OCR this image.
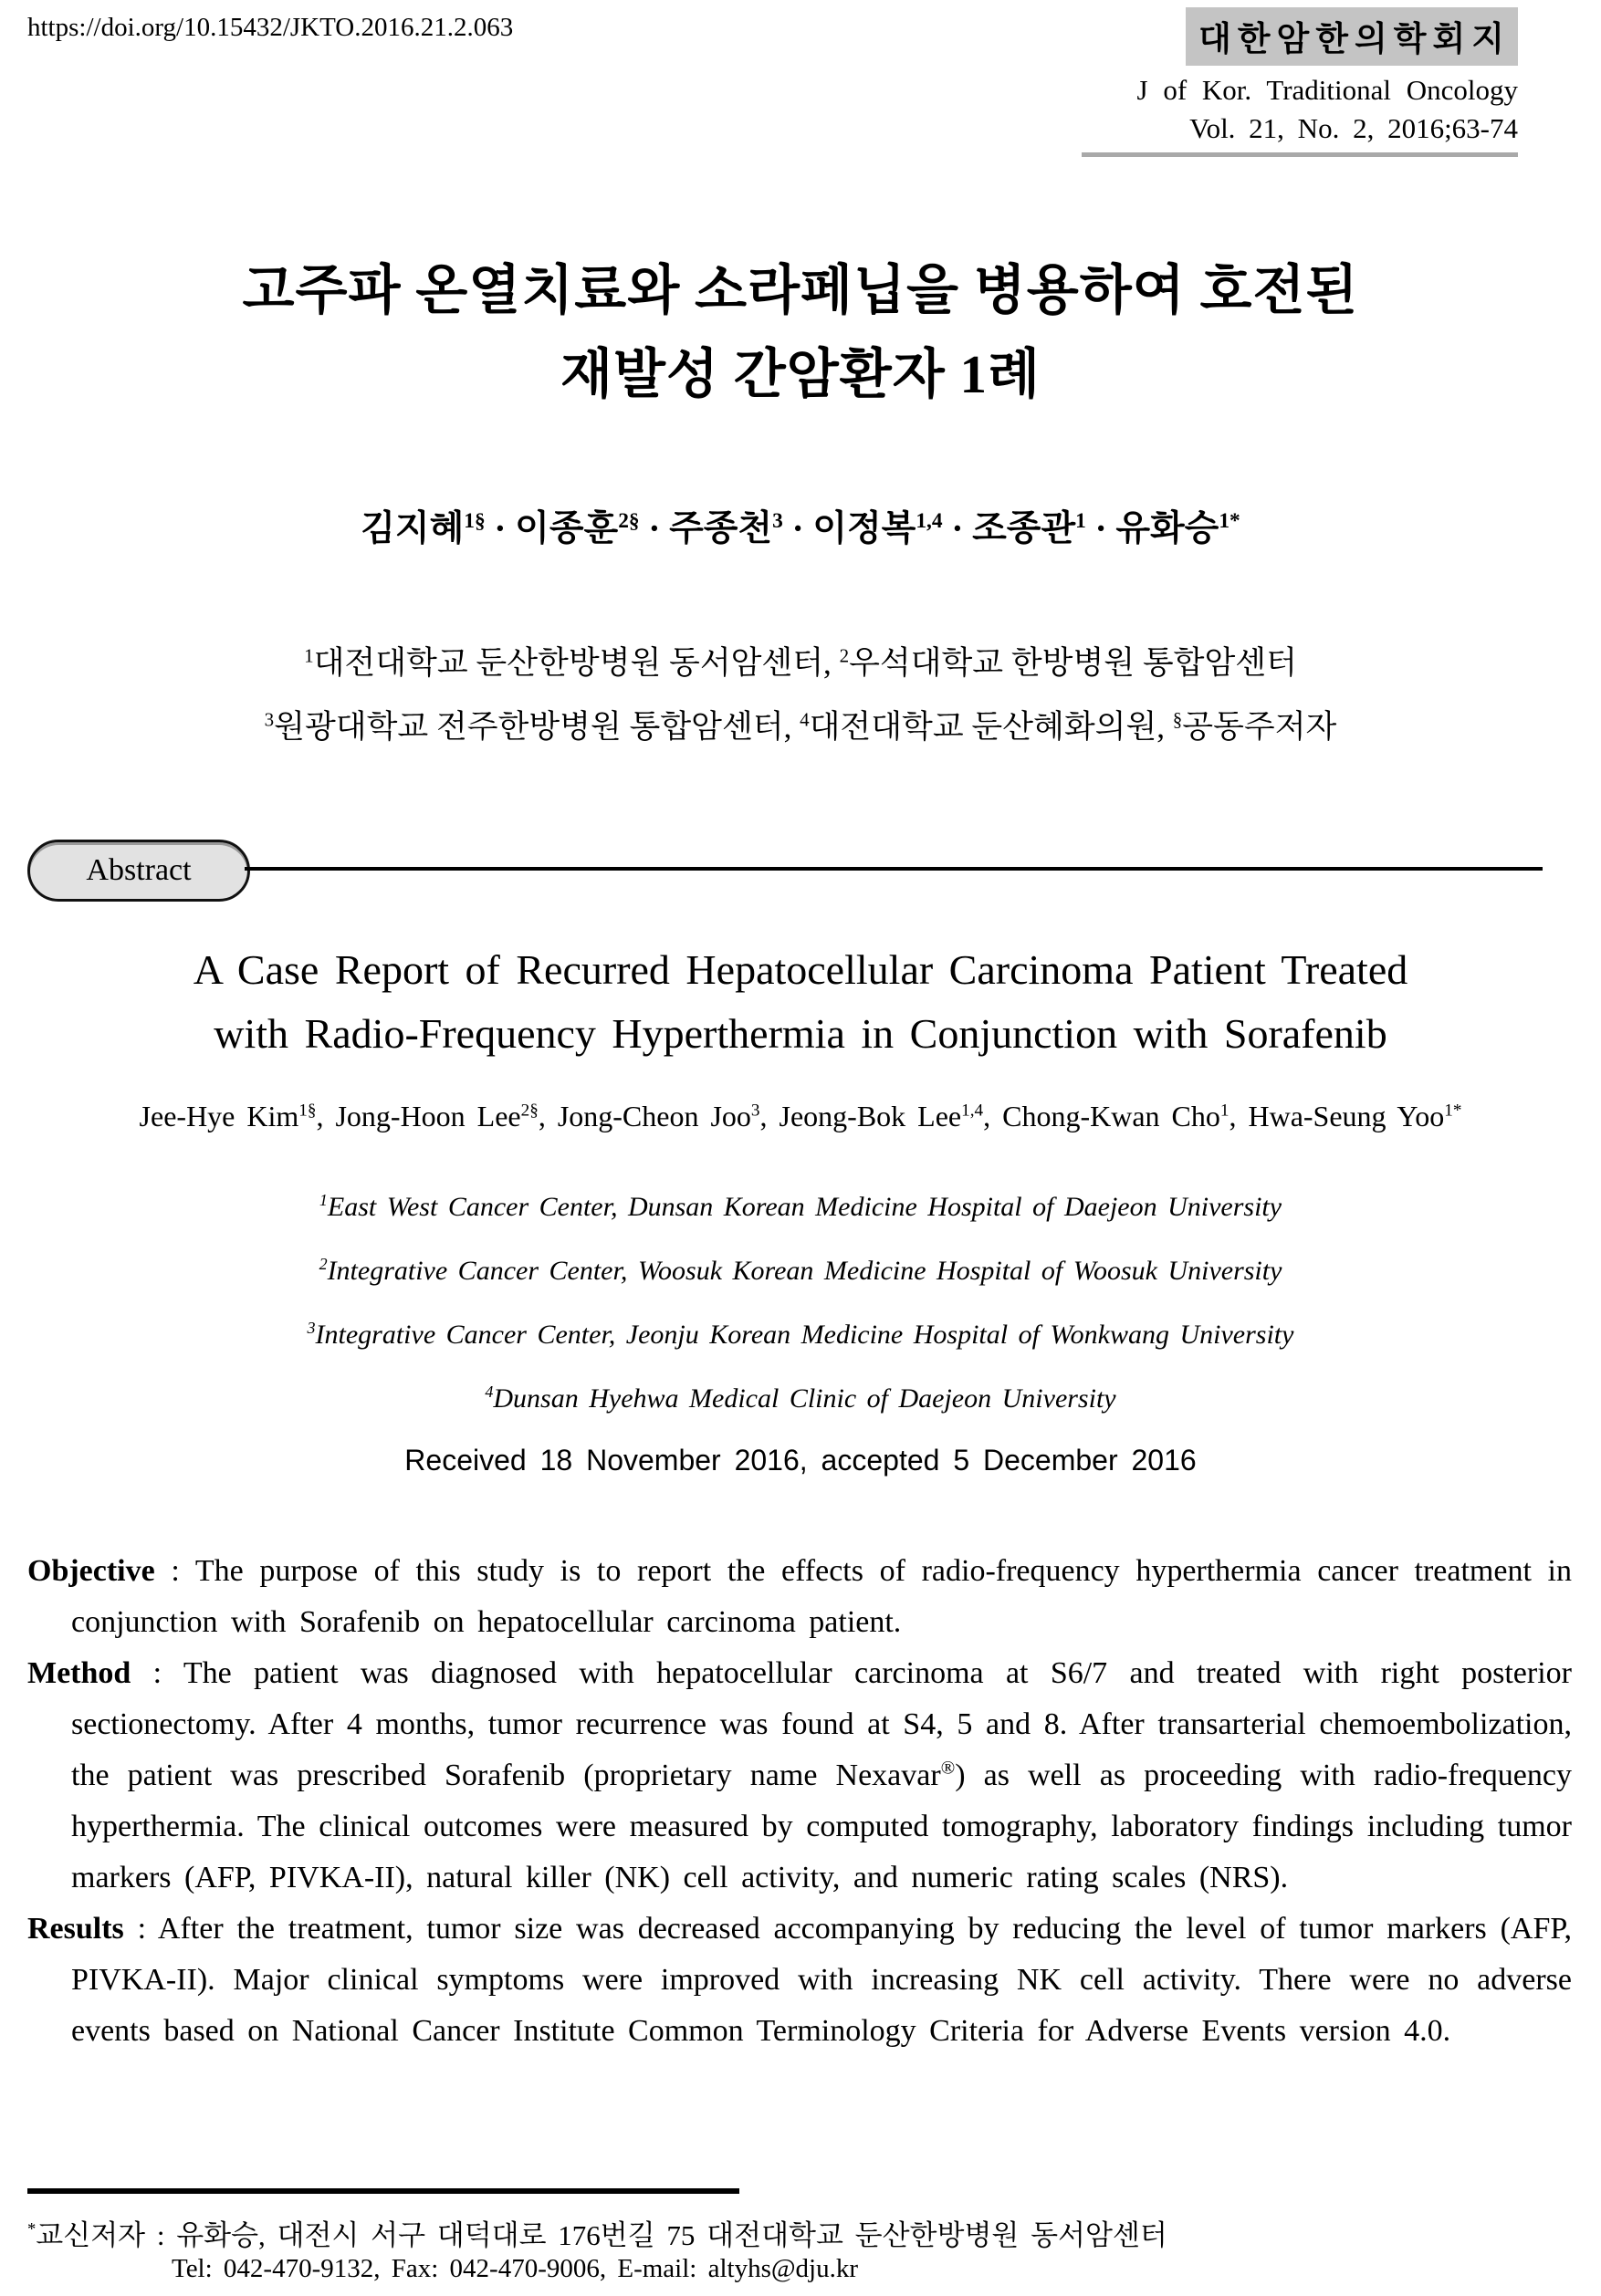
https://doi.org/10.15432/JKTO.2016.21.2.063	대한암한의학회지
J of Kor. Traditional Oncology
Vol. 21, No. 2, 2016;63-74
고주파 온열치료와 소라페닙을 병용하여 호전된
재발성 간암환자 1례
김지혜$^{1\S}$ · 이종훈$^{2\S}$ · 주종천$^3$ · 이정복$^{1,4}$ · 조종관$^1$ · 유화승$^{1*}$
$^1$대전대학교 둔산한방병원 동서암센터, $^2$우석대학교 한방병원 통합암센터
$^3$원광대학교 전주한방병원 통합암센터, $^4$대전대학교 둔산혜화의원, §공동주저자
Abstract
A Case Report of Recurred Hepatocellular Carcinoma Patient Treated
with Radio-Frequency Hyperthermia in Conjunction with Sorafenib
Jee-Hye Kim$^{1\S}$, Jong-Hoon Lee$^{2\S}$, Jong-Cheon Joo$^3$, Jeong-Bok Lee$^{1,4}$, Chong-Kwan Cho$^1$, Hwa-Seung Yoo$^{1*}$
$^1$East West Cancer Center, Dunsan Korean Medicine Hospital of Daejeon University
$^2$Integrative Cancer Center, Woosuk Korean Medicine Hospital of Woosuk University
$^3$Integrative Cancer Center, Jeonju Korean Medicine Hospital of Wonkwang University
$^4$Dunsan Hyehwa Medical Clinic of Daejeon University
Received 18 November 2016, accepted 5 December 2016

Objective : The purpose of this study is to report the effects of radio-frequency hyperthermia cancer treatment in conjunction with Sorafenib on hepatocellular carcinoma patient.

Method : The patient was diagnosed with hepatocellular carcinoma at S6/7 and treated with right posterior sectionectomy. After 4 months, tumor recurrence was found at S4, 5 and 8. After transarterial chemoembolization, the patient was prescribed Sorafenib (proprietary name Nexavar®) as well as proceeding with radio-frequency hyperthermia. The clinical outcomes were measured by computed tomography, laboratory findings including tumor markers (AFP, PIVKA-II), natural killer (NK) cell activity, and numeric rating scales (NRS).

Results : After the treatment, tumor size was decreased accompanying by reducing the level of tumor markers (AFP, PIVKA-II). Major clinical symptoms were improved with increasing NK cell activity. There were no adverse events based on National Cancer Institute Common Terminology Criteria for Adverse Events version 4.0.

*교신저자 : 유화승, 대전시 서구 대덕대로 176번길 75 대전대학교 둔산한방병원 동서암센터
Tel: 042-470-9132, Fax: 042-470-9006, E-mail: altyhs@dju.kr
